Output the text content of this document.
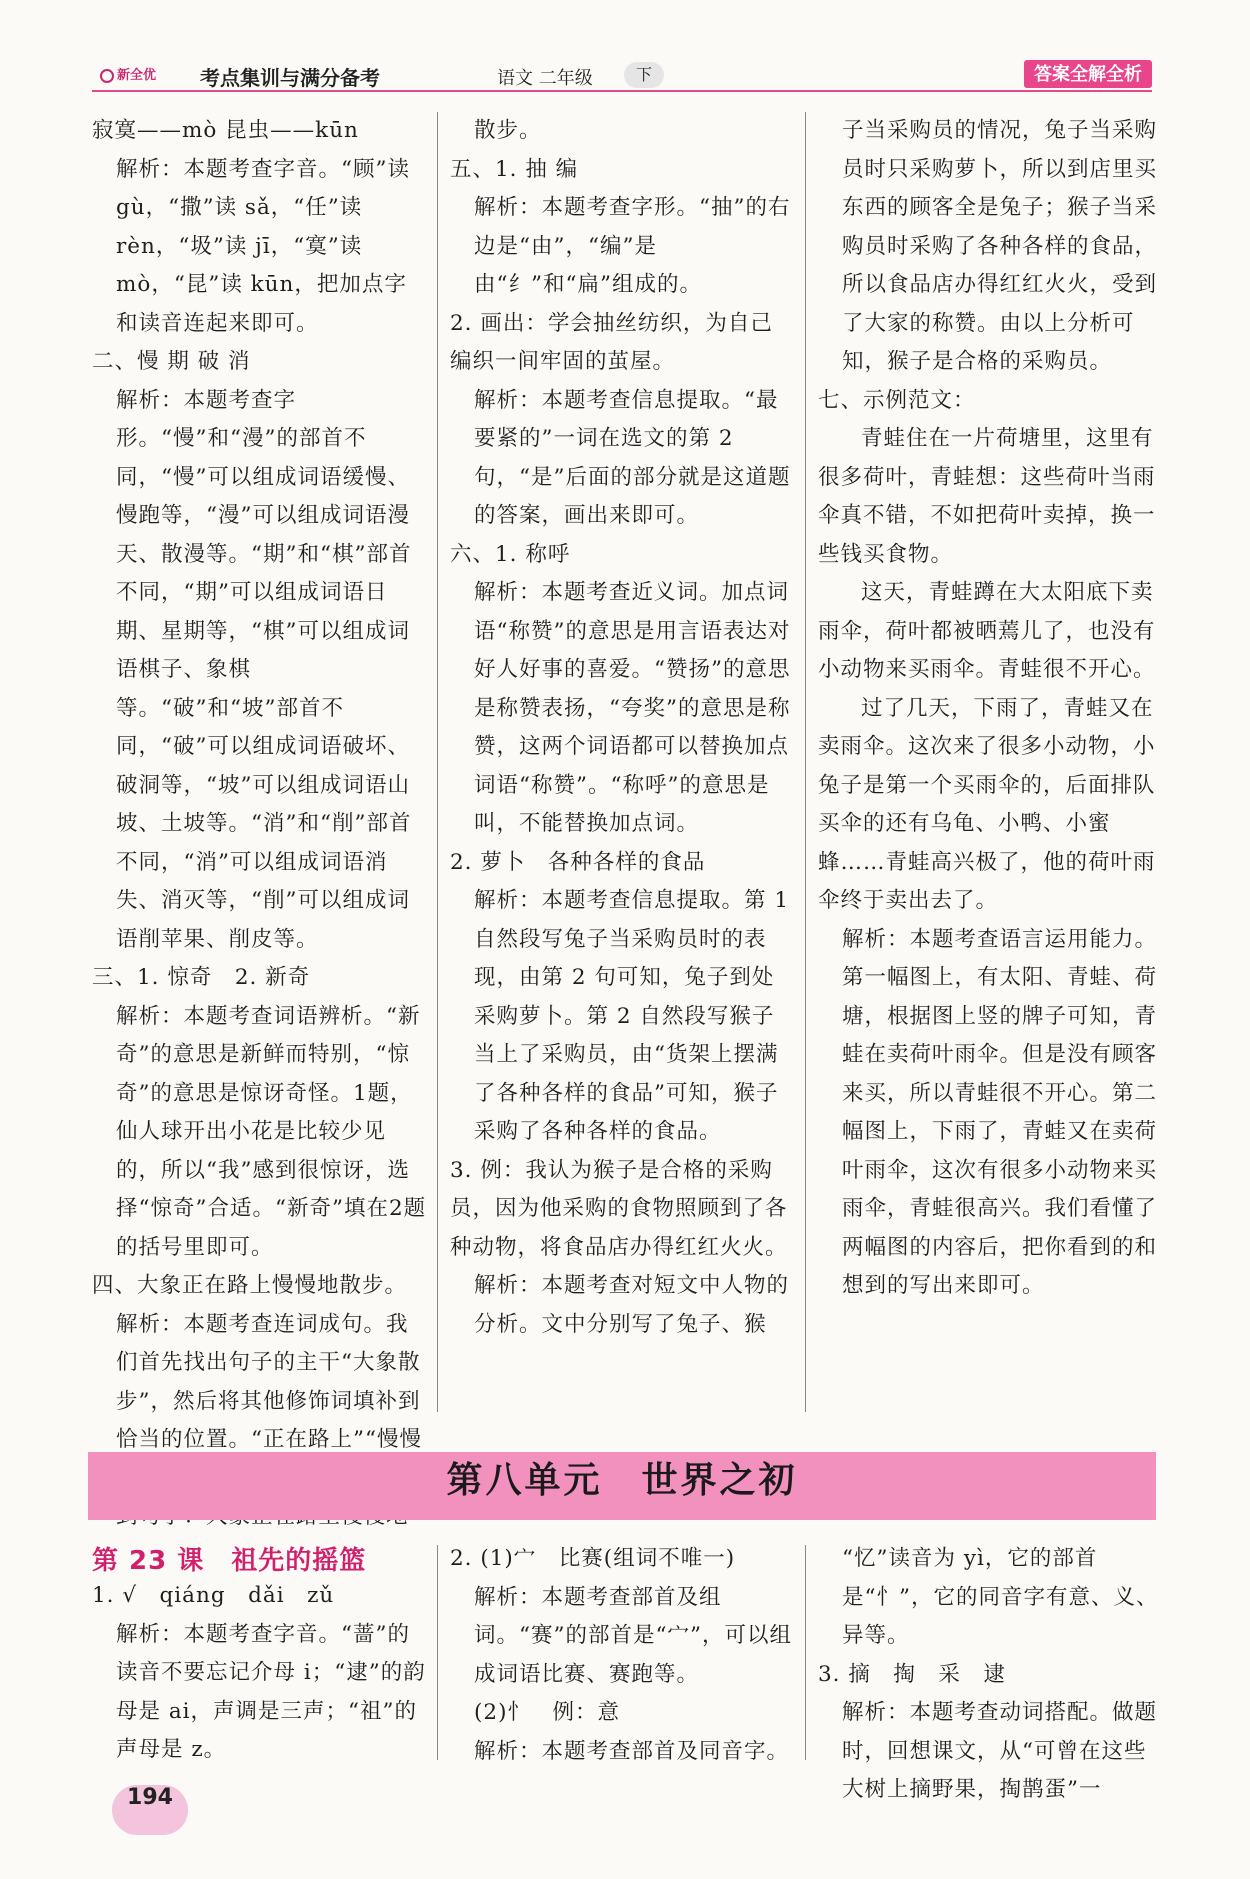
新全优 考点集训与满分备考	语文 二年级	下	答案全解全析

寂寞——mò 昆虫——kūn

解析：本题考查字音。“顾”读gù，“撒”读 sǎ，“任”读 rèn，“圾”读 jī，“寞”读 mò，“昆”读 kūn，把加点字和读音连起来即可。

二、慢 期 破 消

解析：本题考查字形。“慢”和“漫”的部首不同，“慢”可以组成词语缓慢、慢跑等，“漫”可以组成词语漫天、散漫等。“期”和“棋”部首不同，“期”可以组成词语日期、星期等，“棋”可以组成词语棋子、象棋等。“破”和“坡”部首不同，“破”可以组成词语破坏、破洞等，“坡”可以组成词语山坡、土坡等。“消”和“削”部首不同，“消”可以组成词语消失、消灭等，“削”可以组成词语削苹果、削皮等。

三、1. 惊奇　2. 新奇

解析：本题考查词语辨析。“新奇”的意思是新鲜而特别，“惊奇”的意思是惊讶奇怪。1题，仙人球开出小花是比较少见的，所以“我”感到很惊讶，选择“惊奇”合适。“新奇”填在2题的括号里即可。

四、大象正在路上慢慢地散步。

解析：本题考查连词成句。我们首先找出句子的主干“大象散步”，然后将其他修饰词填补到恰当的位置。“正在路上”“慢慢

散步。

五、1. 抽 编

解析：本题考查字形。“抽”的右边是“由”，“编”是由“纟”和“扁”组成的。

2. 画出：学会抽丝纺织，为自己编织一间牢固的茧屋。

解析：本题考查信息提取。“最要紧的”一词在选文的第 2 句，“是”后面的部分就是这道题的答案，画出来即可。

六、1. 称呼

解析：本题考查近义词。加点词语“称赞”的意思是用言语表达对好人好事的喜爱。“赞扬”的意思是称赞表扬，“夸奖”的意思是称赞，这两个词语都可以替换加点词语“称赞”。“称呼”的意思是叫，不能替换加点词。

2. 萝卜　各种各样的食品

解析：本题考查信息提取。第 1 自然段写兔子当采购员时的表现，由第 2 句可知，兔子到处采购萝卜。第 2 自然段写猴子当上了采购员，由“货架上摆满了各种各样的食品”可知，猴子采购了各种各样的食品。

3. 例：我认为猴子是合格的采购员，因为他采购的食物照顾到了各种动物，将食品店办得红红火火。

解析：本题考查对短文中人物的分析。文中分别写了兔子、猴

子当采购员的情况，兔子当采购员时只采购萝卜，所以到店里买东西的顾客全是兔子；猴子当采购员时采购了各种各样的食品，所以食品店办得红红火火，受到了大家的称赞。由以上分析可知，猴子是合格的采购员。

七、示例范文：

青蛙住在一片荷塘里，这里有很多荷叶，青蛙想：这些荷叶当雨伞真不错，不如把荷叶卖掉，换一些钱买食物。

这天，青蛙蹲在大太阳底下卖雨伞，荷叶都被晒蔫儿了，也没有小动物来买雨伞。青蛙很不开心。

过了几天，下雨了，青蛙又在卖雨伞。这次来了很多小动物，小兔子是第一个买雨伞的，后面排队买伞的还有乌龟、小鸭、小蜜蜂……青蛙高兴极了，他的荷叶雨伞终于卖出去了。

解析：本题考查语言运用能力。第一幅图上，有太阳、青蛙、荷塘，根据图上竖的牌子可知，青蛙在卖荷叶雨伞。但是没有顾客来买，所以青蛙很不开心。第二幅图上，下雨了，青蛙又在卖荷叶雨伞，这次有很多小动物来买雨伞，青蛙很高兴。我们看懂了两幅图的内容后，把你看到的和想到的写出来即可。

第八单元　世界之初

第 23 课　祖先的摇篮

1. √　qiáng　dǎi　zǔ

解析：本题考查字音。“蔷”的读音不要忘记介母 i；“逮”的韵母是 ai，声调是三声；“祖”的声母是 z。

2. (1)宀　比赛(组词不唯一)

解析：本题考查部首及组词。“赛”的部首是“宀”，可以组成词语比赛、赛跑等。

(2)忄　例：意

解析：本题考查部首及同音字。

“忆”读音为 yì，它的部首是“忄”，它的同音字有意、义、异等。

3. 摘　掏　采　逮

解析：本题考查动词搭配。做题时，回想课文，从“可曾在这些大树上摘野果，掏鹊蛋”一

194
